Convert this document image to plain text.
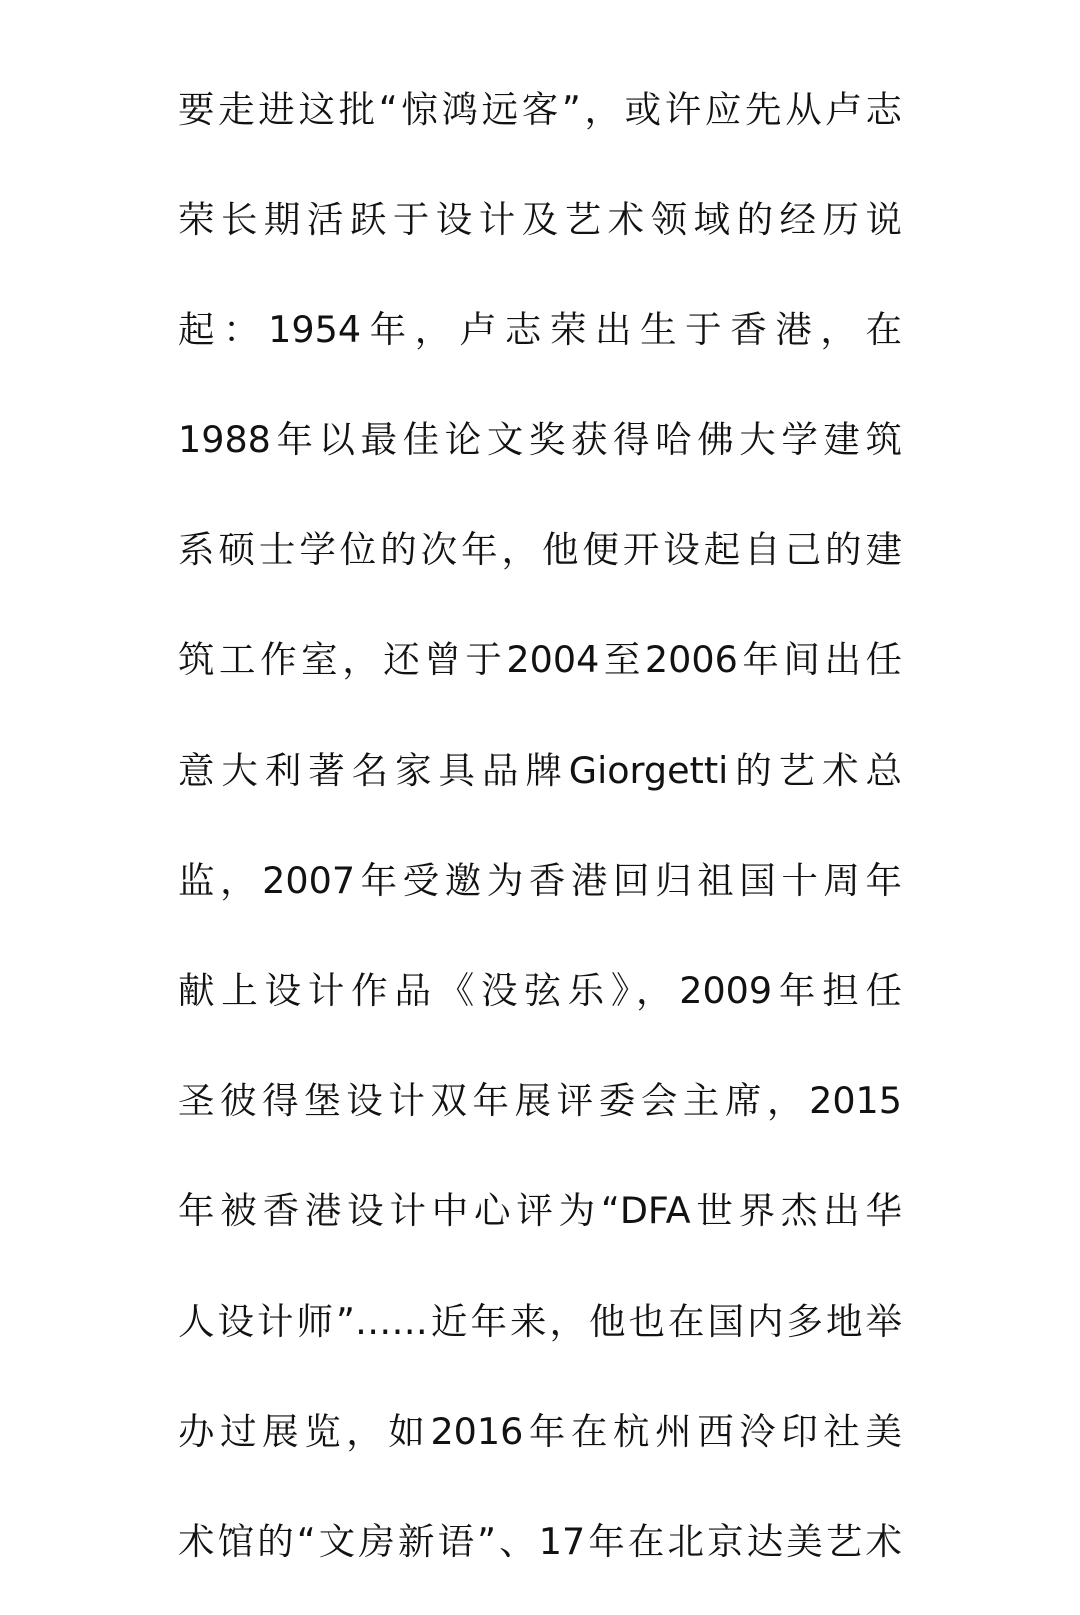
要走进这批“惊鸿远客”，或许应先从卢志

荣长期活跃于设计及艺术领域的经历说

起：1954年，卢志荣出生于香港，在

1988年以最佳论文奖获得哈佛大学建筑

系硕士学位的次年，他便开设起自己的建

筑工作室，还曾于2004至2006年间出任

意大利著名家具品牌Giorgetti的艺术总

监，2007年受邀为香港回归祖国十周年

献上设计作品《没弦乐》，2009年担任

圣彼得堡设计双年展评委会主席，2015

年被香港设计中心评为“DFA世界杰出华

人设计师”……近年来，他也在国内多地举

办过展览，如2016年在杭州西泠印社美

术馆的“文房新语”、17年在北京达美艺术
